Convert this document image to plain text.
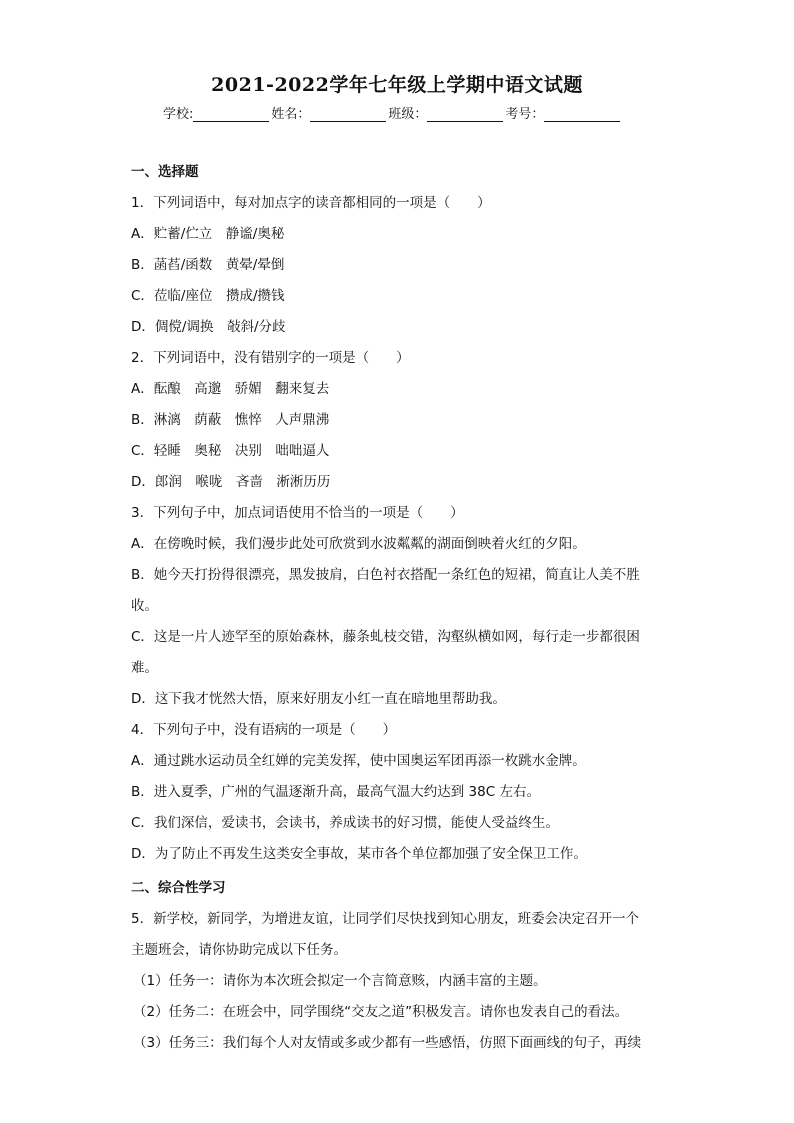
2021-2022学年七年级上学期中语文试题
学校:	姓名：	班级：	考号：
一、选择题
1．下列词语中，每对加点字的读音都相同的一项是（　　）
A．贮蓄/伫立　静谧/奥秘
B．菡萏/函数　黄晕/晕倒
C．莅临/座位　攒成/攒钱
D．倜傥/调换　敧斜/分歧
2．下列词语中，没有错别字的一项是（　　）
A．酝酿　高邈　骄媚　翻来复去
B．淋漓　荫蔽　憔悴　人声鼎沸
C．轻睡　奥秘　决别　咄咄逼人
D．郎润　喉咙　吝啬　淅淅历历
3．下列句子中，加点词语使用不恰当的一项是（　　）
A．在傍晚时候，我们漫步此处可欣赏到水波粼粼的湖面倒映着火红的夕阳。
B．她今天打扮得很漂亮，黑发披肩，白色衬衣搭配一条红色的短裙，简直让人美不胜
收。
C．这是一片人迹罕至的原始森林，藤条虬枝交错，沟壑纵横如网，每行走一步都很困
难。
D．这下我才恍然大悟，原来好朋友小红一直在暗地里帮助我。
4．下列句子中，没有语病的一项是（　　）
A．通过跳水运动员全红婵的完美发挥，使中国奥运军团再添一枚跳水金牌。
B．进入夏季，广州的气温逐渐升高，最高气温大约达到 38C 左右。
C．我们深信，爱读书，会读书，养成读书的好习惯，能使人受益终生。
D．为了防止不再发生这类安全事故，某市各个单位都加强了安全保卫工作。
二、综合性学习
5．新学校，新同学，为增进友谊，让同学们尽快找到知心朋友，班委会决定召开一个
主题班会，请你协助完成以下任务。
（1）任务一：请你为本次班会拟定一个言简意赅，内涵丰富的主题。
（2）任务二：在班会中，同学围绕“交友之道”积极发言。请你也发表自己的看法。
（3）任务三：我们每个人对友情或多或少都有一些感悟，仿照下面画线的句子，再续
